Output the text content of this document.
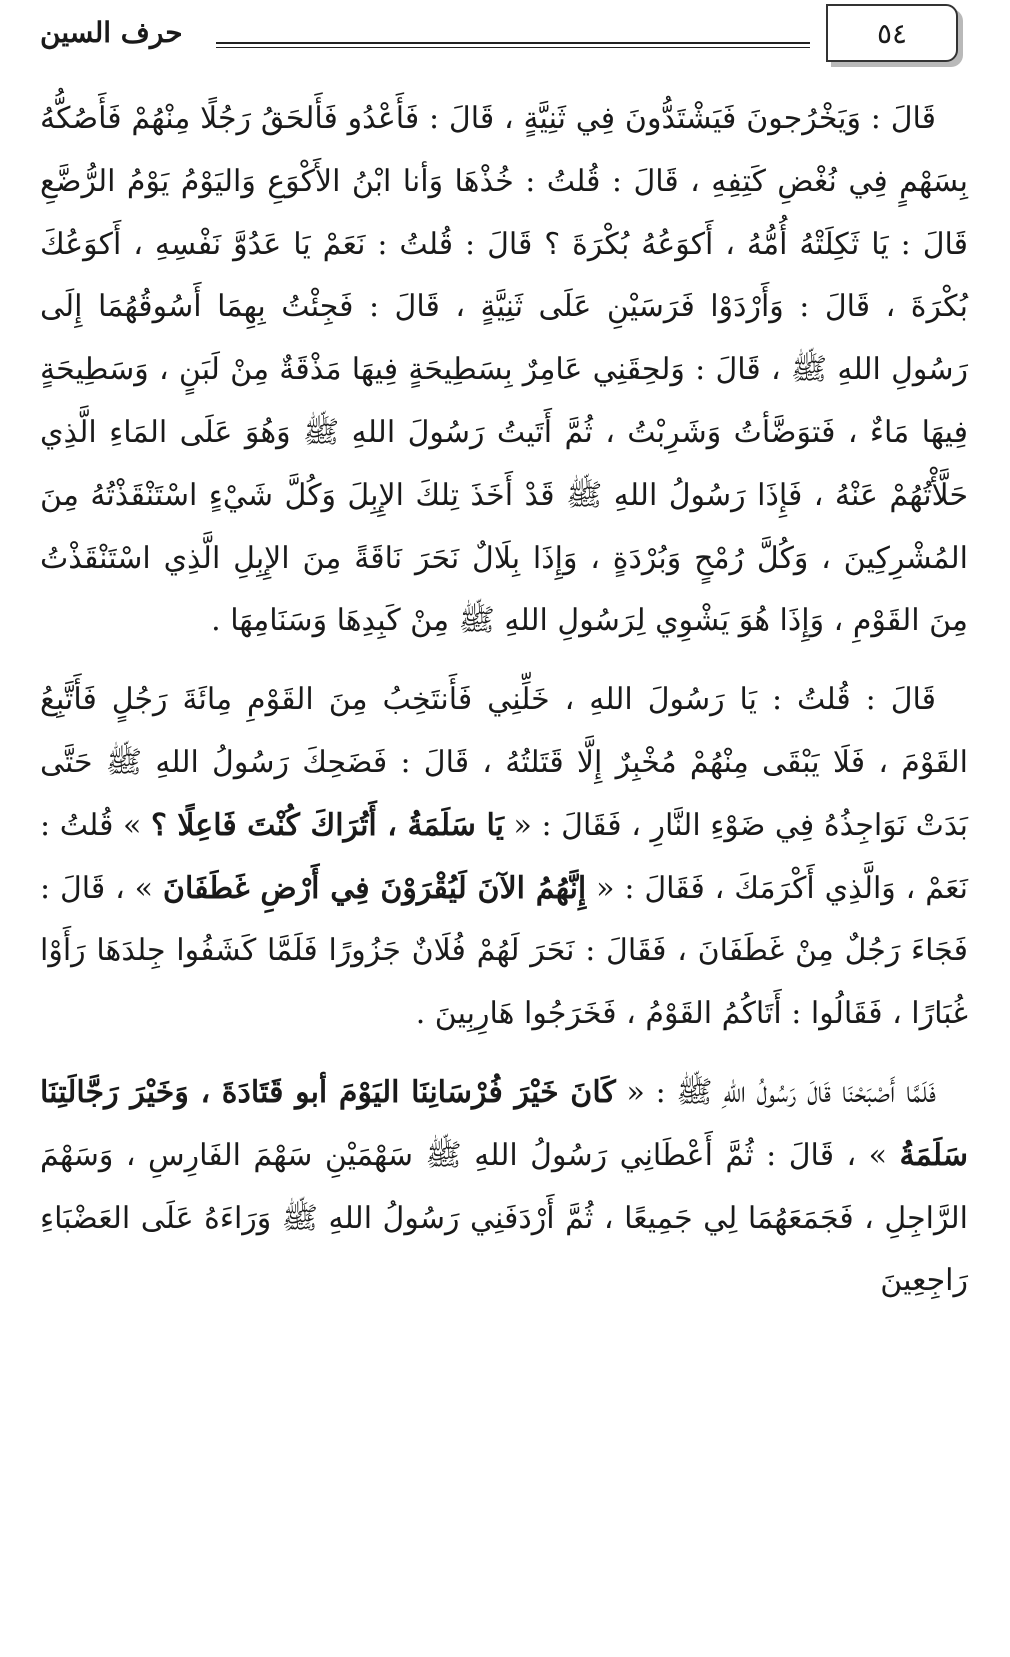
حرف السين	٥٤

قَالَ : وَيَخْرُجونَ فَيَشْتَدُّونَ فِي ثَنِيَّةٍ ، قَالَ : فَأَعْدُو فَأَلحَقُ رَجُلًا مِنْهُمْ فَأَصُكُّهُ بِسَهْمٍ فِي نُغْضِ كَتِفِهِ ، قَالَ : قُلتُ : خُذْهَا وَأنا ابْنُ الأَكْوَعِ وَاليَوْمُ يَوْمُ الرُّضَّعِ قَالَ : يَا ثَكِلَتْهُ أُمُّهُ ، أَكوَعُهُ بُكْرَةَ ؟ قَالَ : قُلتُ : نَعَمْ يَا عَدُوَّ نَفْسِهِ ، أَكوَعُكَ بُكْرَةَ ، قَالَ : وَأَرْدَوْا فَرَسَيْنِ عَلَى ثَنِيَّةٍ ، قَالَ : فَجِئْتُ بِهِمَا أَسُوقُهُمَا إِلَى رَسُولِ اللهِ ﷺ ، قَالَ : وَلحِقَنِي عَامِرٌ بِسَطِيحَةٍ فِيهَا مَذْقَةٌ مِنْ لَبَنٍ ، وَسَطِيحَةٍ فِيهَا مَاءٌ ، فَتوَضَّأتُ وَشَرِبْتُ ، ثُمَّ أَتَيتُ رَسُولَ اللهِ ﷺ وَهُوَ عَلَى المَاءِ الَّذِي حَلَّأْتُهُمْ عَنْهُ ، فَإِذَا رَسُولُ اللهِ ﷺ قَدْ أَخَذَ تِلكَ الإِبِلَ وَكُلَّ شَيْءٍ اسْتَنْقَذْتُهُ مِنَ المُشْرِكِينَ ، وَكُلَّ رُمْحٍ وَبُرْدَةٍ ، وَإِذَا بِلَالٌ نَحَرَ نَاقَةً مِنَ الإِبِلِ الَّذِي اسْتَنْقَذْتُ مِنَ القَوْمِ ، وَإِذَا هُوَ يَشْوِي لِرَسُولِ اللهِ ﷺ مِنْ كَبِدِهَا وَسَنَامِهَا .

قَالَ : قُلتُ : يَا رَسُولَ اللهِ ، خَلِّنِي فَأَنتَخِبُ مِنَ القَوْمِ مِائَةَ رَجُلٍ فَأَتَّبِعُ القَوْمَ ، فَلَا يَبْقَى مِنْهُمْ مُخْبِرٌ إِلَّا قَتَلتُهُ ، قَالَ : فَضَحِكَ رَسُولُ اللهِ ﷺ حَتَّى بَدَتْ نَوَاجِذُهُ فِي ضَوْءِ النَّارِ ، فَقَالَ : « يَا سَلَمَةُ ، أَتُرَاكَ كُنْتَ فَاعِلًا ؟ » قُلتُ : نَعَمْ ، وَالَّذِي أَكْرَمَكَ ، فَقَالَ : « إِنَّهُمُ الآنَ لَيُقْرَوْنَ فِي أَرْضِ غَطَفَانَ » ، قَالَ : فَجَاءَ رَجُلٌ مِنْ غَطَفَانَ ، فَقَالَ : نَحَرَ لَهُمْ فُلَانٌ جَزُورًا فَلَمَّا كَشَفُوا جِلدَهَا رَأَوْا غُبَارًا ، فَقَالُوا : أَتَاكُمُ القَوْمُ ، فَخَرَجُوا هَارِبِينَ .

فَلَمَّا أَصْبَحْنَا قَالَ رَسُولُ اللهِ ﷺ : « كَانَ خَيْرَ فُرْسَانِنَا اليَوْمَ أبو قَتَادَةَ ، وَخَيْرَ رَجَّالَتِنَا سَلَمَةُ » ، قَالَ : ثُمَّ أَعْطَانِي رَسُولُ اللهِ ﷺ سَهْمَيْنِ سَهْمَ الفَارِسِ ، وَسَهْمَ الرَّاجِلِ ، فَجَمَعَهُمَا لِي جَمِيعًا ، ثُمَّ أَرْدَفَنِي رَسُولُ اللهِ ﷺ وَرَاءَهُ عَلَى العَضْبَاءِ رَاجِعِينَ
